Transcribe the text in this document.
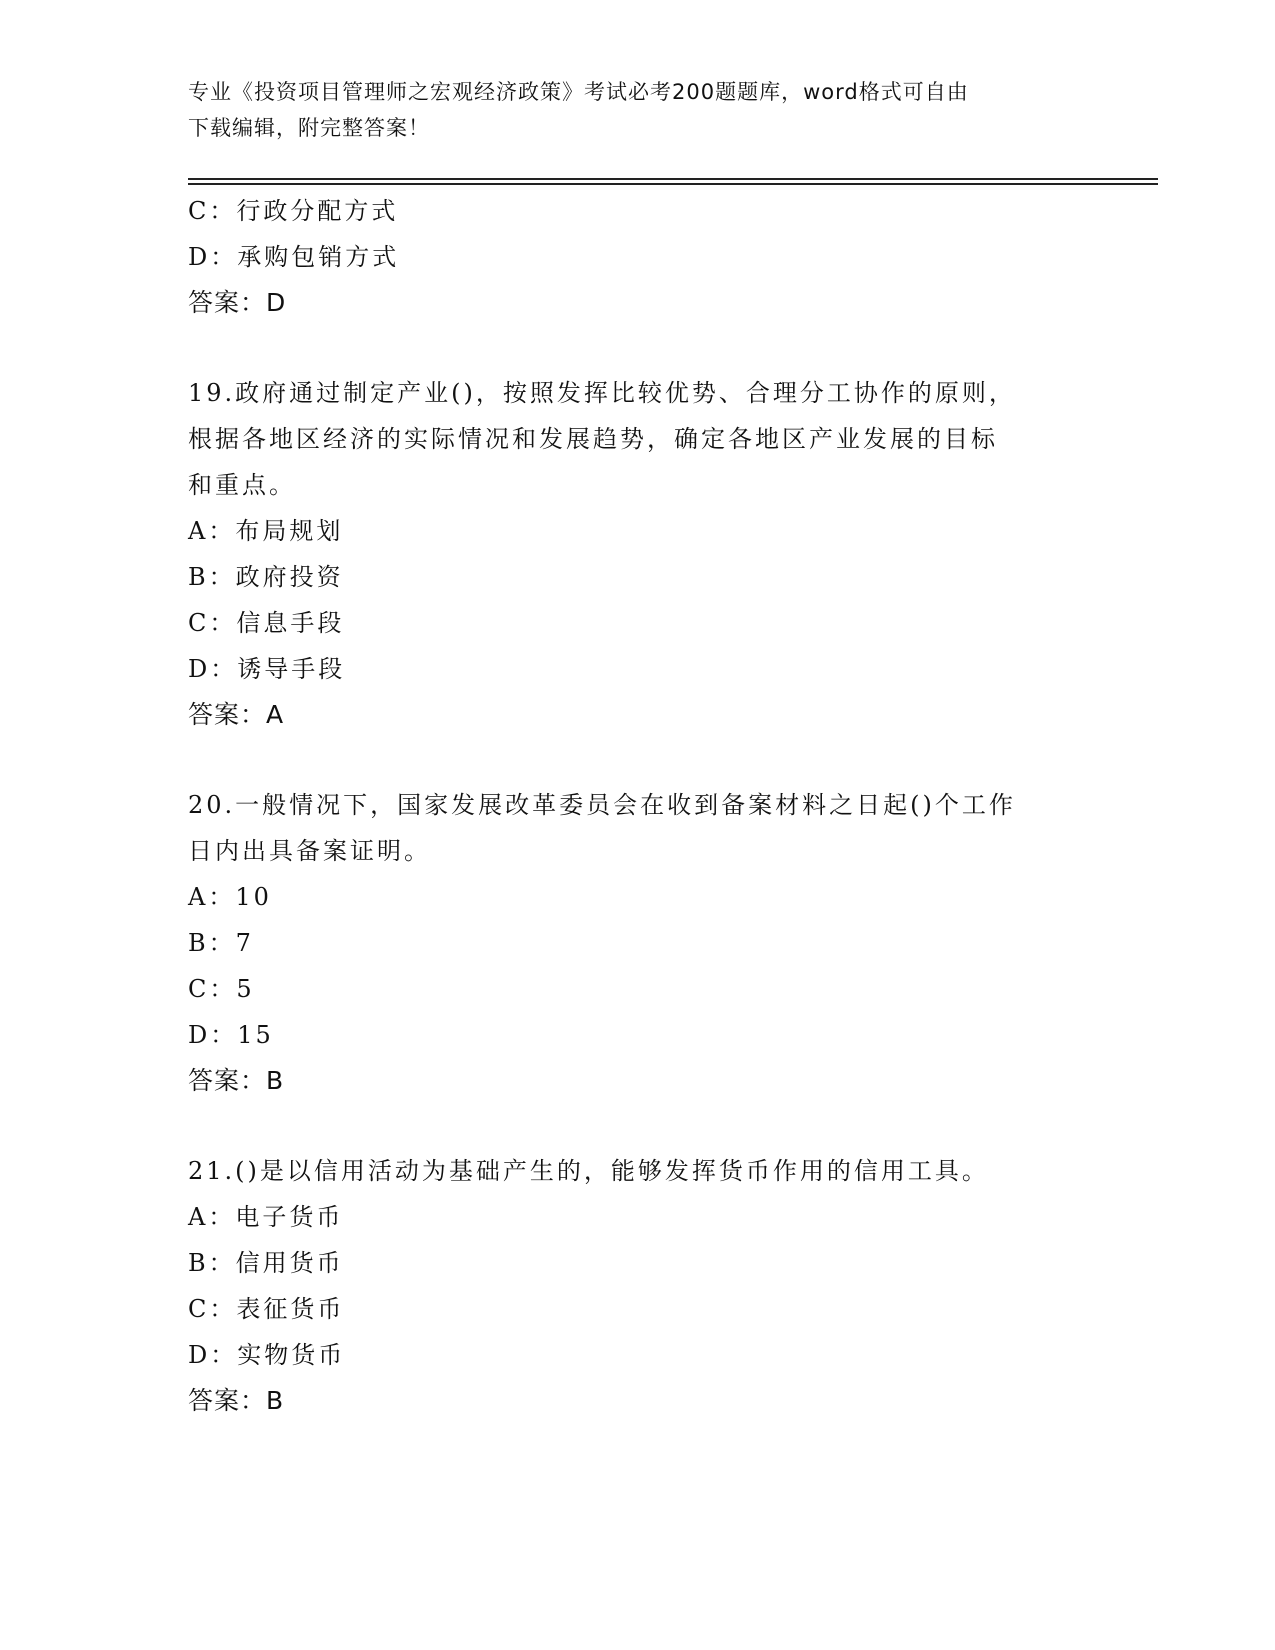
专业《投资项目管理师之宏观经济政策》考试必考200题题库，word格式可自由
下载编辑，附完整答案！
C：行政分配方式
D：承购包销方式
答案：D
19.政府通过制定产业()，按照发挥比较优势、合理分工协作的原则，
根据各地区经济的实际情况和发展趋势，确定各地区产业发展的目标
和重点。
A：布局规划
B：政府投资
C：信息手段
D：诱导手段
答案：A
20.一般情况下，国家发展改革委员会在收到备案材料之日起()个工作
日内出具备案证明。
A：10
B：7
C：5
D：15
答案：B
21.()是以信用活动为基础产生的，能够发挥货币作用的信用工具。
A：电子货币
B：信用货币
C：表征货币
D：实物货币
答案：B
